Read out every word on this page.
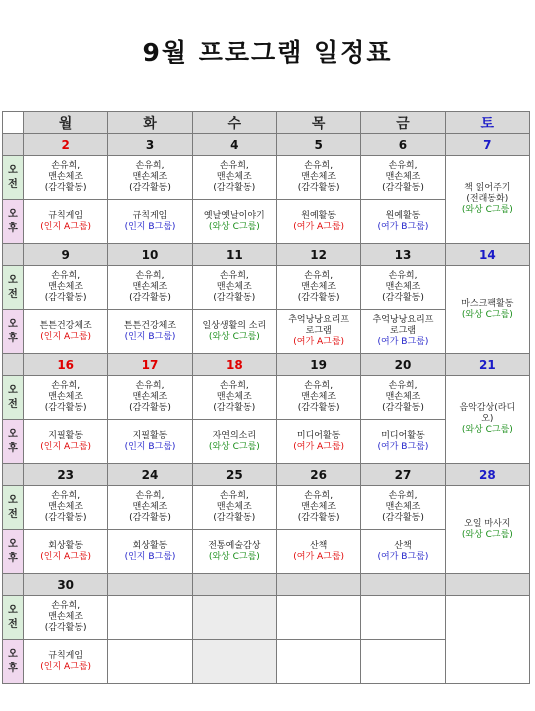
9월 프로그램 일정표
	월	화	수	목	금	토
	2	3	4	5	6	7

오
전	손유희,
맨손체조
(감각활동)	손유희,
맨손체조
(감각활동)	손유희,
맨손체조
(감각활동)	손유희,
맨손체조
(감각활동)	손유희,
맨손체조
(감각활동)	책 읽어주기
(전래동화)
(와상 C그룹)

오
후	규칙게임
(인지 A그룹)	규칙게임
(인지 B그룹)	옛날옛날이야기
(와상 C그룹)	원예활동
(여가 A그룹)	원예활동
(여가 B그룹)	

	9	10	11	12	13	14

오
전	손유희,
맨손체조
(감각활동)	손유희,
맨손체조
(감각활동)	손유희,
맨손체조
(감각활동)	손유희,
맨손체조
(감각활동)	손유희,
맨손체조
(감각활동)	마스크팩활동
(와상 C그룹)

오
후	튼튼건강체조
(인지 A그룹)	튼튼건강체조
(인지 B그룹)	일상생활의 소리
(와상 C그룹)	추억낭낭요리프
로그램
(여가 A그룹)	추억낭낭요리프
로그램
(여가 B그룹)	

	16	17	18	19	20	21

오
전	손유희,
맨손체조
(감각활동)	손유희,
맨손체조
(감각활동)	손유희,
맨손체조
(감각활동)	손유희,
맨손체조
(감각활동)	손유희,
맨손체조
(감각활동)	음악감상(라디
오)
(와상 C그룹)

오
후	지필활동
(인지 A그룹)	지필활동
(인지 B그룹)	자연의소리
(와상 C그룹)	미디어활동
(여가 A그룹)	미디어활동
(여가 B그룹)	

	23	24	25	26	27	28

오
전	손유희,
맨손체조
(감각활동)	손유희,
맨손체조
(감각활동)	손유희,
맨손체조
(감각활동)	손유희,
맨손체조
(감각활동)	손유희,
맨손체조
(감각활동)	오일 마사지
(와상 C그룹)

오
후	회상활동
(인지 A그룹)	회상활동
(인지 B그룹)	전통예술감상
(와상 C그룹)	산책
(여가 A그룹)	산책
(여가 B그룹)	

	30					

오
전	손유희,
맨손체조
(감각활동)					

오
후	규칙게임
(인지 A그룹)					
